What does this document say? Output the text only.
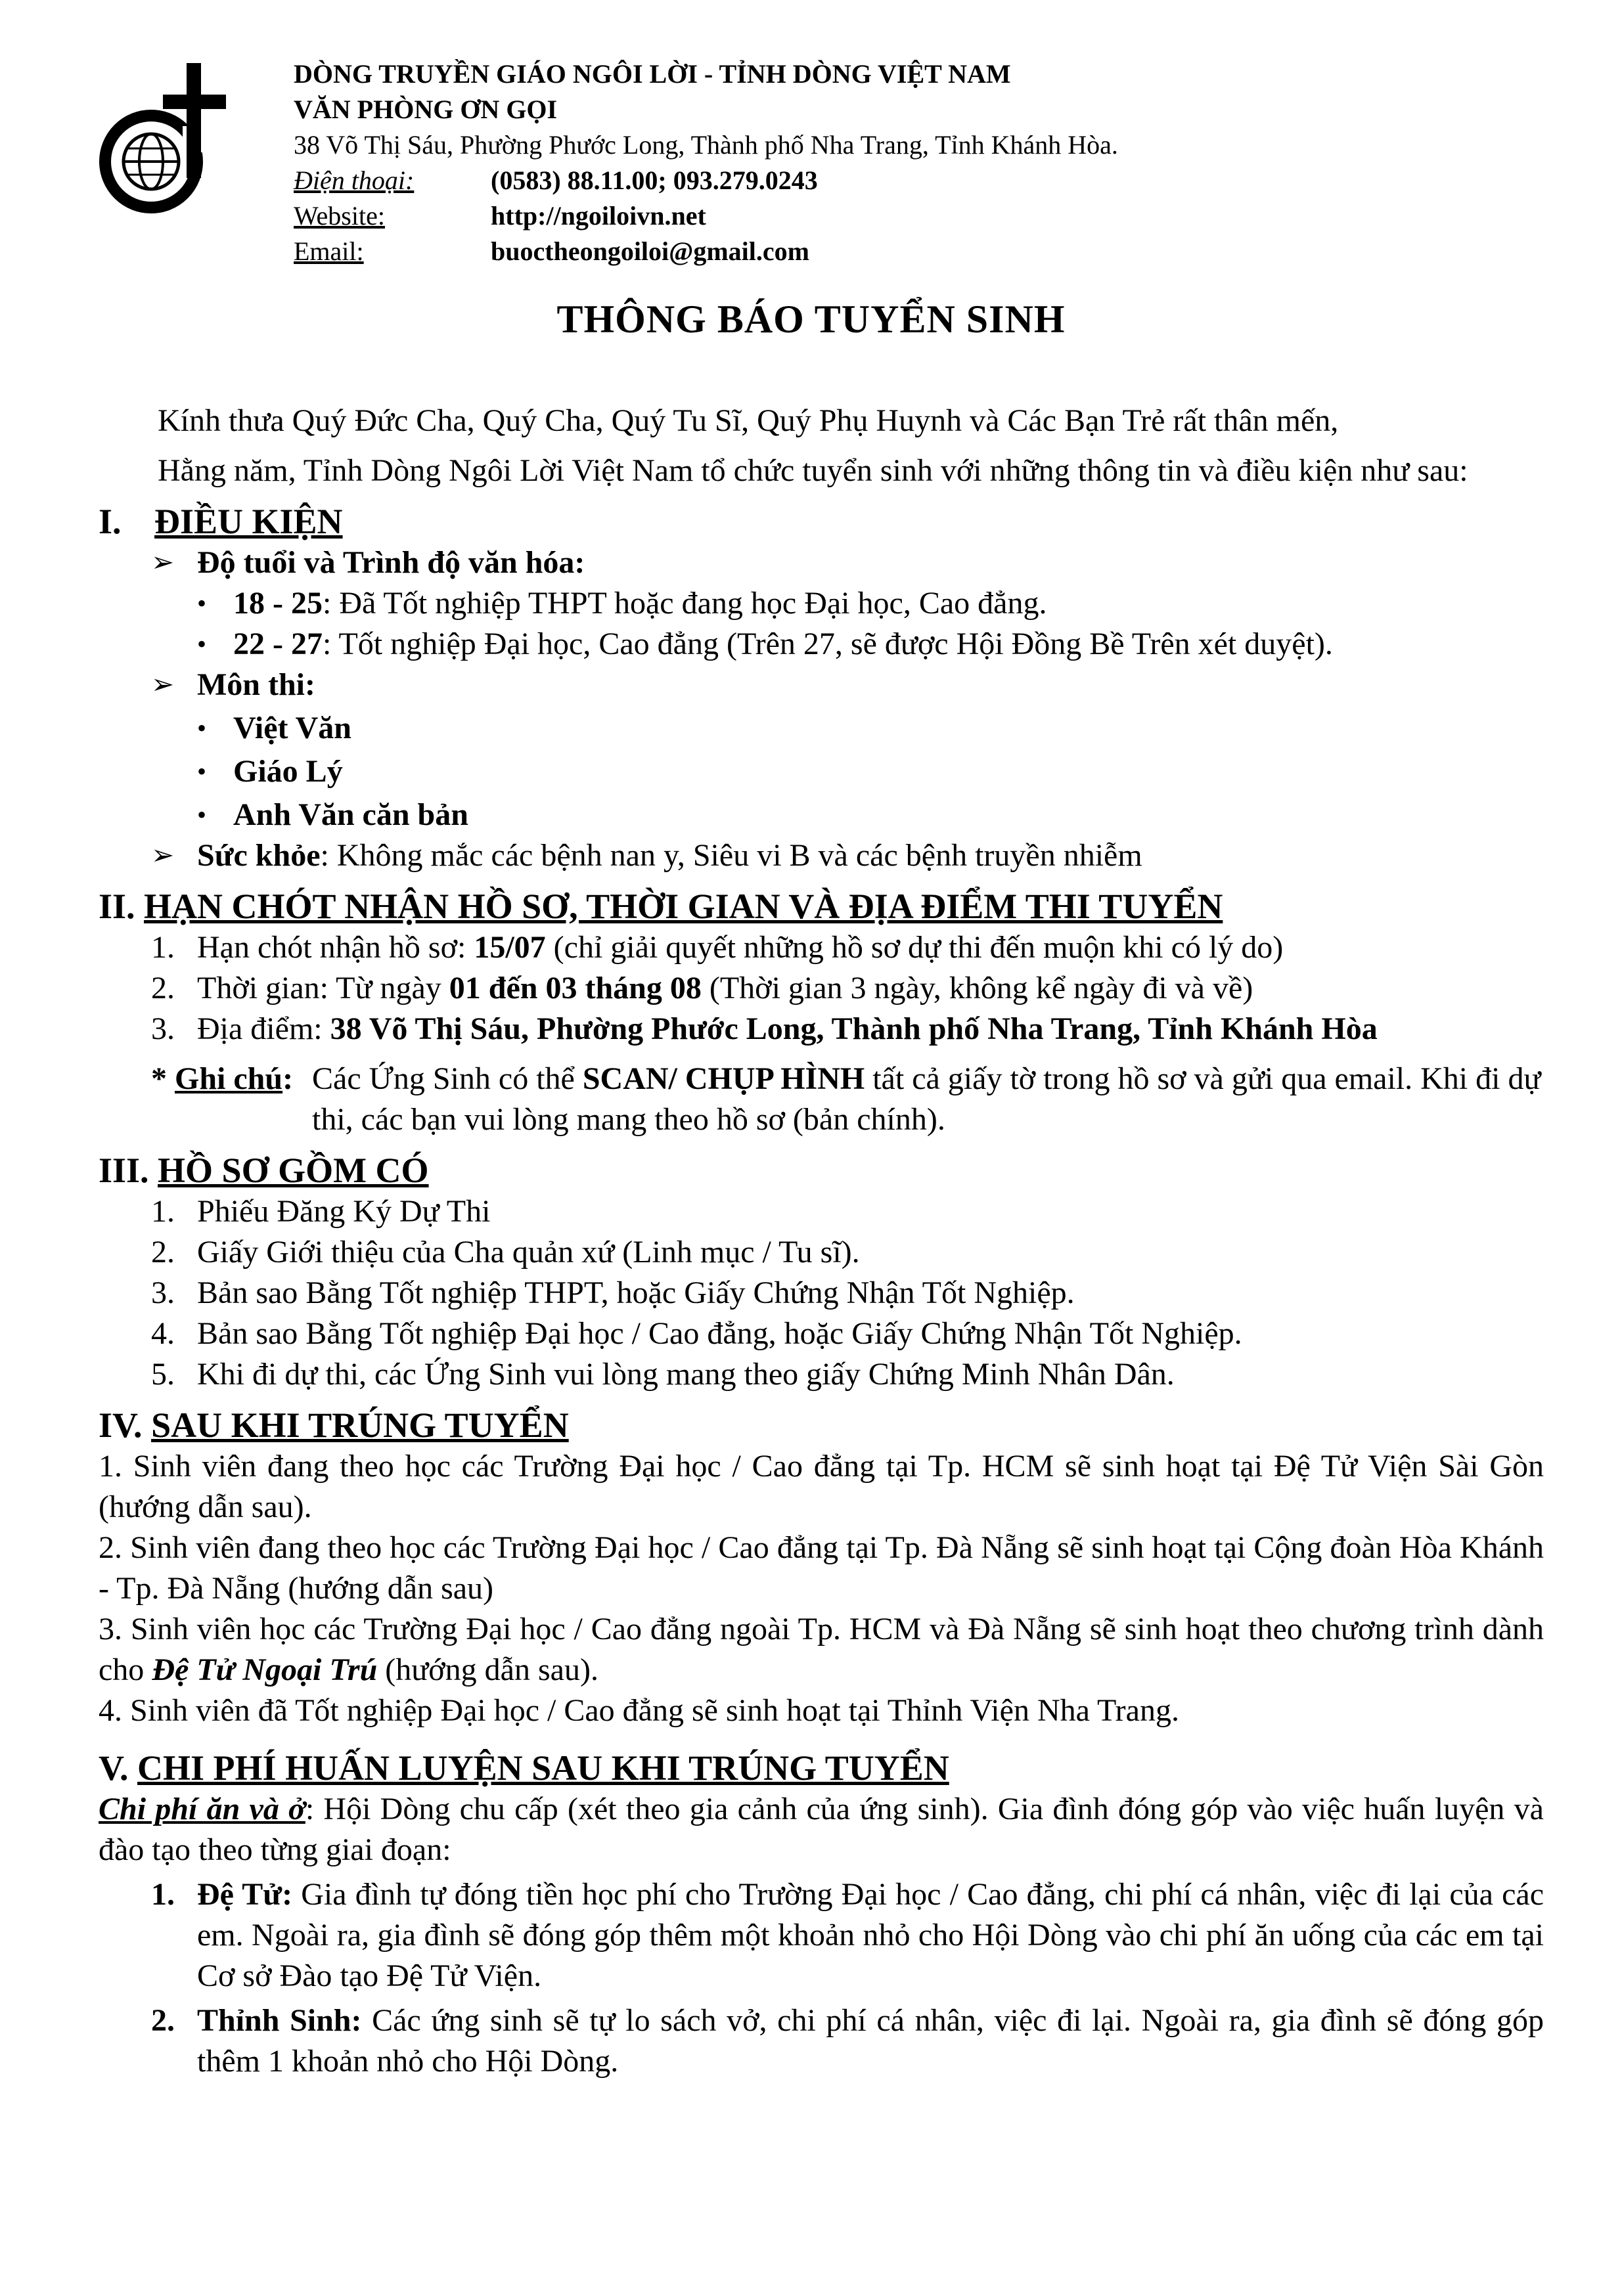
DÒNG TRUYỀN GIÁO NGÔI LỜI - TỈNH DÒNG VIỆT NAM
VĂN PHÒNG ƠN GỌI
38 Võ Thị Sáu, Phường Phước Long, Thành phố Nha Trang, Tỉnh Khánh Hòa.
Điện thoại:	(0583) 88.11.00; 093.279.0243
Website:	http://ngoiloivn.net
Email:	buoctheongoiloi@gmail.com
THÔNG BÁO TUYỂN SINH

Kính thưa Quý Đức Cha, Quý Cha, Quý Tu Sĩ, Quý Phụ Huynh và Các Bạn Trẻ rất thân mến,

Hằng năm, Tỉnh Dòng Ngôi Lời Việt Nam tổ chức tuyển sinh với những thông tin và điều kiện như sau:

I. ĐIỀU KIỆN
➢ Độ tuổi và Trình độ văn hóa:
• 18 - 25: Đã Tốt nghiệp THPT hoặc đang học Đại học, Cao đẳng.
• 22 - 27: Tốt nghiệp Đại học, Cao đẳng (Trên 27, sẽ được Hội Đồng Bề Trên xét duyệt).
➢ Môn thi:
• Việt Văn
• Giáo Lý
• Anh Văn căn bản
➢ Sức khỏe: Không mắc các bệnh nan y, Siêu vi B và các bệnh truyền nhiễm
II. HẠN CHÓT NHẬN HỒ SƠ, THỜI GIAN VÀ ĐỊA ĐIỂM THI TUYỂN
1. Hạn chót nhận hồ sơ: 15/07 (chỉ giải quyết những hồ sơ dự thi đến muộn khi có lý do)
2. Thời gian: Từ ngày 01 đến 03 tháng 08 (Thời gian 3 ngày, không kể ngày đi và về)
3. Địa điểm: 38 Võ Thị Sáu, Phường Phước Long, Thành phố Nha Trang, Tỉnh Khánh Hòa
* Ghi chú: Các Ứng Sinh có thể SCAN/ CHỤP HÌNH tất cả giấy tờ trong hồ sơ và gửi qua email. Khi đi dự thi, các bạn vui lòng mang theo hồ sơ (bản chính).
III. HỒ SƠ GỒM CÓ
1. Phiếu Đăng Ký Dự Thi
2. Giấy Giới thiệu của Cha quản xứ (Linh mục / Tu sĩ).
3. Bản sao Bằng Tốt nghiệp THPT, hoặc Giấy Chứng Nhận Tốt Nghiệp.
4. Bản sao Bằng Tốt nghiệp Đại học / Cao đẳng, hoặc Giấy Chứng Nhận Tốt Nghiệp.
5. Khi đi dự thi, các Ứng Sinh vui lòng mang theo giấy Chứng Minh Nhân Dân.
IV. SAU KHI TRÚNG TUYỂN

1. Sinh viên đang theo học các Trường Đại học / Cao đẳng tại Tp. HCM sẽ sinh hoạt tại Đệ Tử Viện Sài Gòn (hướng dẫn sau).

2. Sinh viên đang theo học các Trường Đại học / Cao đẳng tại Tp. Đà Nẵng sẽ sinh hoạt tại Cộng đoàn Hòa Khánh - Tp. Đà Nẵng (hướng dẫn sau)

3. Sinh viên học các Trường Đại học / Cao đẳng ngoài Tp. HCM và Đà Nẵng sẽ sinh hoạt theo chương trình dành cho Đệ Tử Ngoại Trú (hướng dẫn sau).

4. Sinh viên đã Tốt nghiệp Đại học / Cao đẳng sẽ sinh hoạt tại Thỉnh Viện Nha Trang.

V. CHI PHÍ HUẤN LUYỆN SAU KHI TRÚNG TUYỂN

Chi phí ăn và ở: Hội Dòng chu cấp (xét theo gia cảnh của ứng sinh). Gia đình đóng góp vào việc huấn luyện và đào tạo theo từng giai đoạn:

1. Đệ Tử: Gia đình tự đóng tiền học phí cho Trường Đại học / Cao đẳng, chi phí cá nhân, việc đi lại của các em. Ngoài ra, gia đình sẽ đóng góp thêm một khoản nhỏ cho Hội Dòng vào chi phí ăn uống của các em tại Cơ sở Đào tạo Đệ Tử Viện.
2. Thỉnh Sinh: Các ứng sinh sẽ tự lo sách vở, chi phí cá nhân, việc đi lại. Ngoài ra, gia đình sẽ đóng góp thêm 1 khoản nhỏ cho Hội Dòng.
